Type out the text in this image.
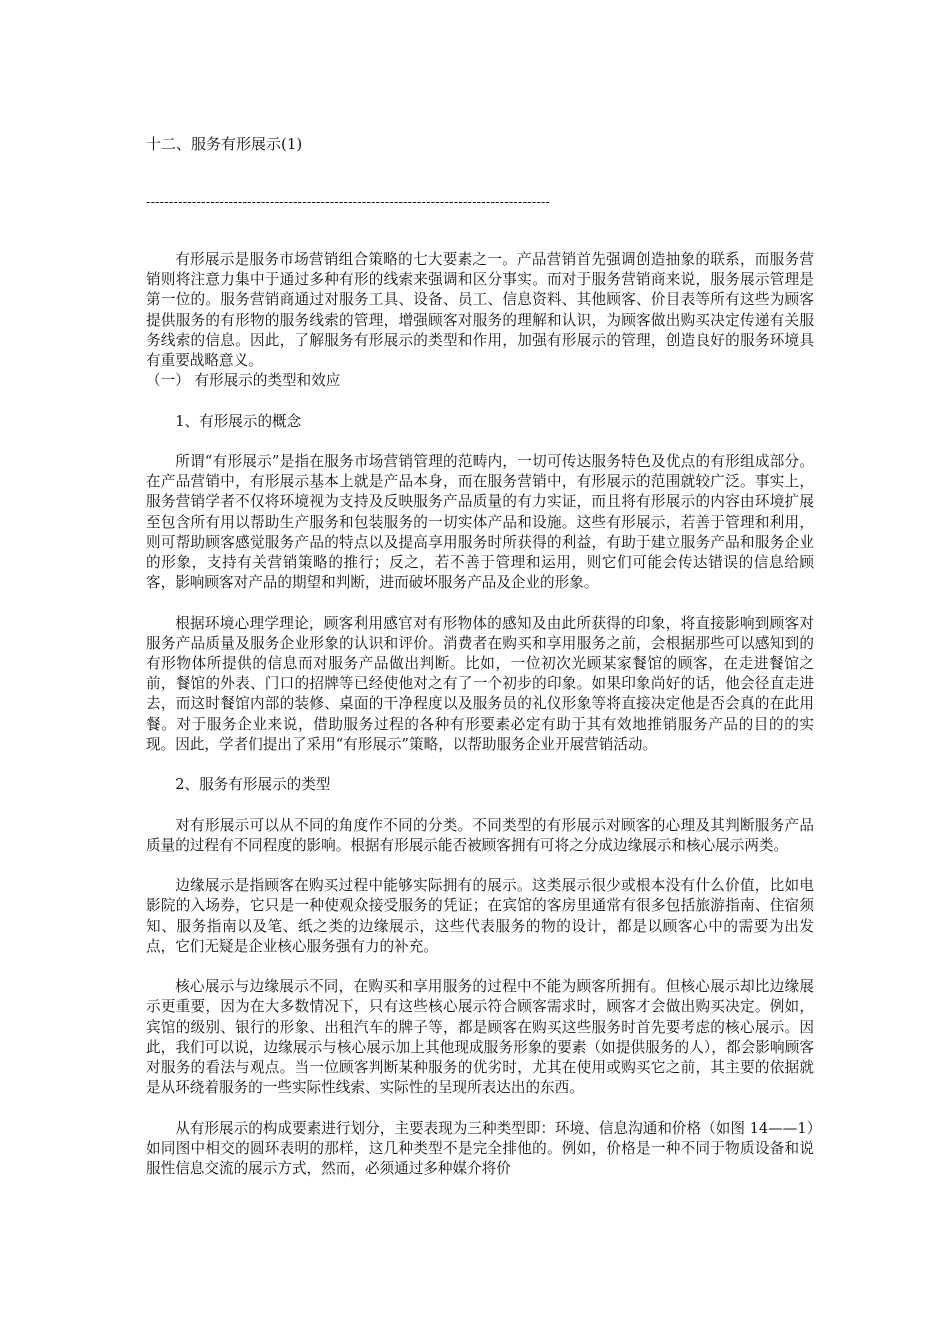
十二、服务有形展示(1)
----------------------------------------------------------------------------------------

有形展示是服务市场营销组合策略的七大要素之一。产品营销首先强调创造抽象的联系，而服务营销则将注意力集中于通过多种有形的线索来强调和区分事实。而对于服务营销商来说，服务展示管理是第一位的。服务营销商通过对服务工具、设备、员工、信息资料、其他顾客、价目表等所有这些为顾客提供服务的有形物的服务线索的管理，增强顾客对服务的理解和认识，为顾客做出购买决定传递有关服务线索的信息。因此，了解服务有形展示的类型和作用，加强有形展示的管理，创造良好的服务环境具有重要战略意义。

（一） 有形展示的类型和效应

1、有形展示的概念

所谓“有形展示”是指在服务市场营销管理的范畴内，一切可传达服务特色及优点的有形组成部分。在产品营销中，有形展示基本上就是产品本身，而在服务营销中，有形展示的范围就较广泛。事实上，服务营销学者不仅将环境视为支持及反映服务产品质量的有力实证，而且将有形展示的内容由环境扩展至包含所有用以帮助生产服务和包装服务的一切实体产品和设施。这些有形展示，若善于管理和利用，则可帮助顾客感觉服务产品的特点以及提高享用服务时所获得的利益，有助于建立服务产品和服务企业的形象，支持有关营销策略的推行；反之，若不善于管理和运用，则它们可能会传达错误的信息给顾客，影响顾客对产品的期望和判断，进而破坏服务产品及企业的形象。

根据环境心理学理论，顾客利用感官对有形物体的感知及由此所获得的印象，将直接影响到顾客对服务产品质量及服务企业形象的认识和评价。消费者在购买和享用服务之前，会根据那些可以感知到的有形物体所提供的信息而对服务产品做出判断。比如，一位初次光顾某家餐馆的顾客，在走进餐馆之前，餐馆的外表、门口的招牌等已经使他对之有了一个初步的印象。如果印象尚好的话，他会径直走进去，而这时餐馆内部的装修、桌面的干净程度以及服务员的礼仪形象等将直接决定他是否会真的在此用餐。对于服务企业来说，借助服务过程的各种有形要素必定有助于其有效地推销服务产品的目的的实现。因此，学者们提出了采用“有形展示”策略，以帮助服务企业开展营销活动。

2、服务有形展示的类型

对有形展示可以从不同的角度作不同的分类。不同类型的有形展示对顾客的心理及其判断服务产品质量的过程有不同程度的影响。根据有形展示能否被顾客拥有可将之分成边缘展示和核心展示两类。

边缘展示是指顾客在购买过程中能够实际拥有的展示。这类展示很少或根本没有什么价值，比如电影院的入场券，它只是一种使观众接受服务的凭证；在宾馆的客房里通常有很多包括旅游指南、住宿须知、服务指南以及笔、纸之类的边缘展示，这些代表服务的物的设计，都是以顾客心中的需要为出发点，它们无疑是企业核心服务强有力的补充。

核心展示与边缘展示不同，在购买和享用服务的过程中不能为顾客所拥有。但核心展示却比边缘展示更重要，因为在大多数情况下，只有这些核心展示符合顾客需求时，顾客才会做出购买决定。例如，宾馆的级别、银行的形象、出租汽车的牌子等，都是顾客在购买这些服务时首先要考虑的核心展示。因此，我们可以说，边缘展示与核心展示加上其他现成服务形象的要素（如提供服务的人），都会影响顾客对服务的看法与观点。当一位顾客判断某种服务的优劣时，尤其在使用或购买它之前，其主要的依据就是从环绕着服务的一些实际性线索、实际性的呈现所表达出的东西。

从有形展示的构成要素进行划分，主要表现为三种类型即：环境、信息沟通和价格（如图 14——1）如同图中相交的圆环表明的那样，这几种类型不是完全排他的。例如，价格是一种不同于物质设备和说服性信息交流的展示方式，然而，必须通过多种媒介将价
